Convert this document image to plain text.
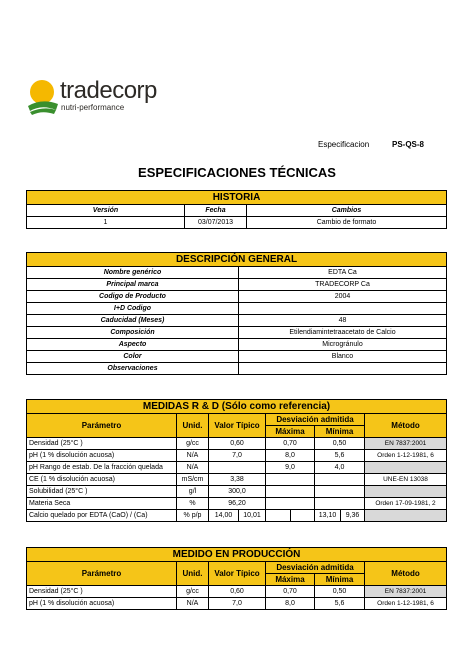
tradecorp
nutri-performance
Especificacion	PS-QS-8
ESPECIFICACIONES TÉCNICAS
HISTORIA		
Versión	Fecha	Cambios
1	03/07/2013	Cambio de formato
DESCRIPCIÓN GENERAL	
Nombre genérico	EDTA Ca
Principal marca	TRADECORP Ca
Codigo de Producto	2004
I+D Codigo	
Caducidad (Meses)	48
Composición	Etilendiamintetraacetato de Calcio
Aspecto	Microgránulo
Color	Blanco
Observaciones	
MEDIDAS R & D (Sólo como referencia)								
Parámetro	Unid.	Valor Típico		Desviación admitida				Método
				Máxima		Mínima		
Densidad (25°C )	g/cc	0,60		0,70		0,50		EN 7837:2001
pH (1 % disolución acuosa)	N/A	7,0		8,0		5,6		Orden 1-12-1981, 6
pH Rango de estab. De la fracción quelada	N/A			9,0		4,0		
CE (1 % disolución acuosa)	mS/cm	3,38						UNE-EN 13038
Solubilidad (25°C )	g/l	300,0						
Materia Seca	%	96,20						Orden 17-09-1981, 2
Calcio quelado por EDTA (CaO) / (Ca)	% p/p	14,00	10,01			13,10	9,36	
MEDIDO EN PRODUCCIÓN					
Parámetro	Unid.	Valor Típico	Desviación admitida		Método
			Máxima	Mínima	
Densidad (25°C )	g/cc	0,60	0,70	0,50	EN 7837:2001
pH (1 % disolución acuosa)	N/A	7,0	8,0	5,6	Orden 1-12-1981, 6
